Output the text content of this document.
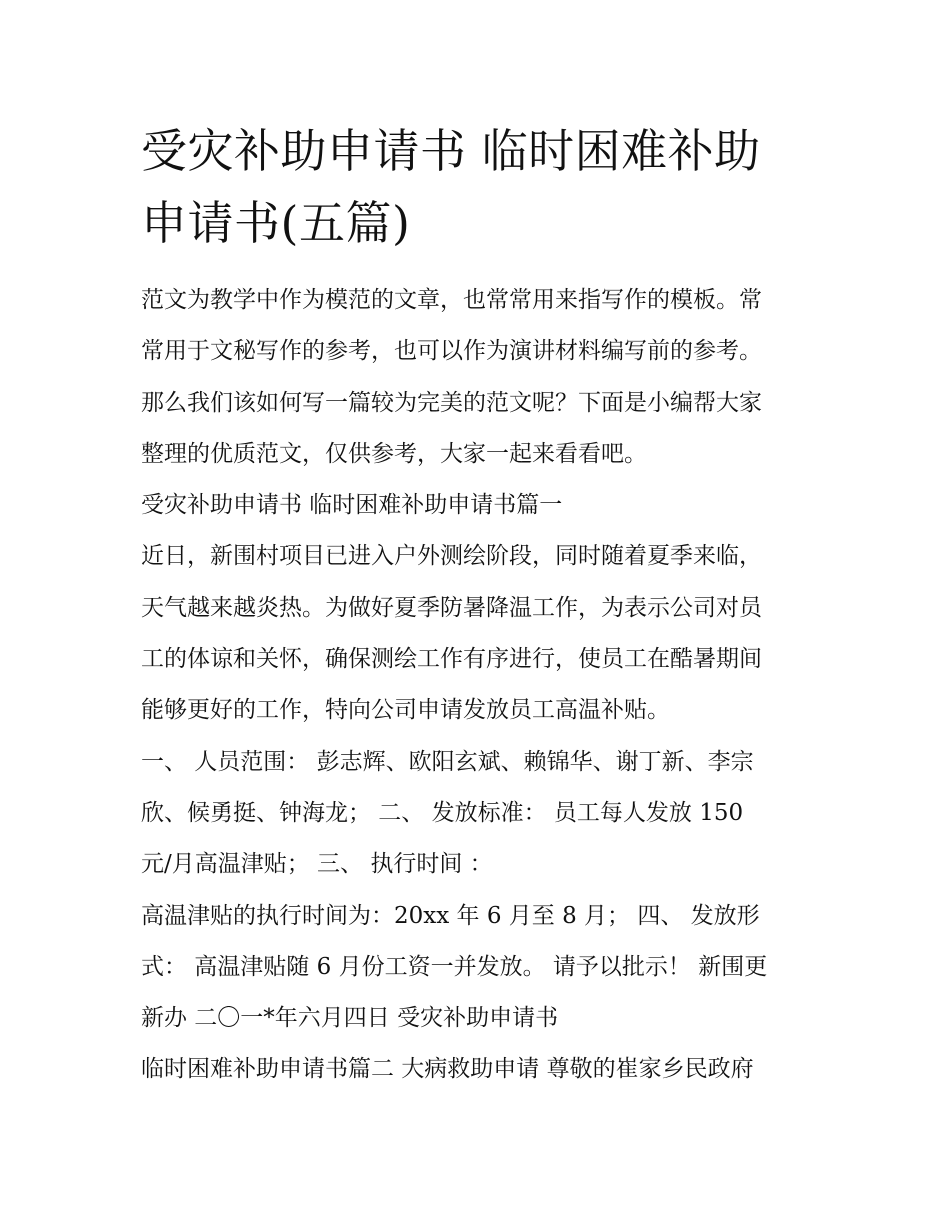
受灾补助申请书 临时困难补助
申请书(五篇)
范文为教学中作为模范的文章，也常常用来指写作的模板。常
常用于文秘写作的参考，也可以作为演讲材料编写前的参考。
那么我们该如何写一篇较为完美的范文呢？下面是小编帮大家
整理的优质范文，仅供参考，大家一起来看看吧。
受灾补助申请书 临时困难补助申请书篇一
近日，新围村项目已进入户外测绘阶段，同时随着夏季来临，
天气越来越炎热。为做好夏季防暑降温工作，为表示公司对员
工的体谅和关怀，确保测绘工作有序进行，使员工在酷暑期间
能够更好的工作，特向公司申请发放员工高温补贴。
一、 人员范围： 彭志辉、欧阳玄斌、赖锦华、谢丁新、李宗
欣、候勇挺、钟海龙； 二、 发放标准： 员工每人发放 150
元/月高温津贴； 三、 执行时间 ：
高温津贴的执行时间为：20xx 年 6 月至 8 月； 四、 发放形
式： 高温津贴随 6 月份工资一并发放。 请予以批示！ 新围更
新办 二〇一*年六月四日 受灾补助申请书
临时困难补助申请书篇二 大病救助申请 尊敬的崔家乡民政府
